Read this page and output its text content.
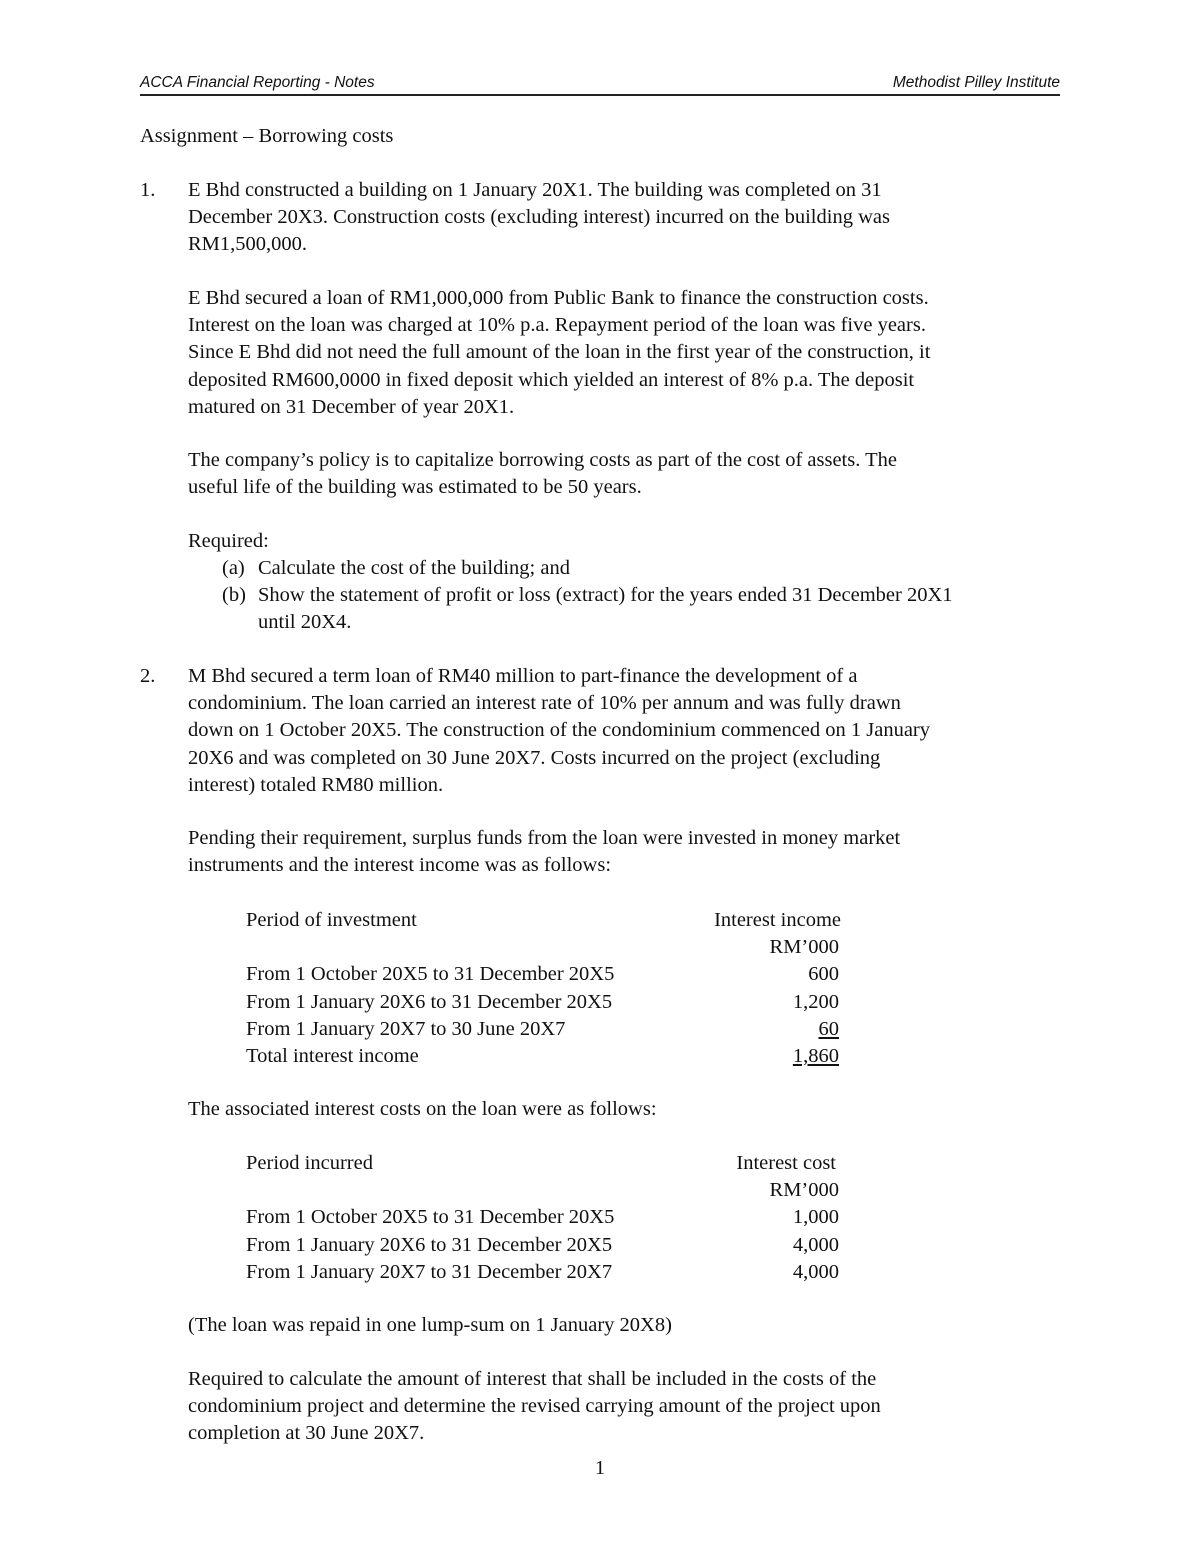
ACCA Financial Reporting - Notes	Methodist Pilley Institute
Assignment – Borrowing costs
1. E Bhd constructed a building on 1 January 20X1. The building was completed on 31
December 20X3. Construction costs (excluding interest) incurred on the building was
RM1,500,000.
E Bhd secured a loan of RM1,000,000 from Public Bank to finance the construction costs.
Interest on the loan was charged at 10% p.a. Repayment period of the loan was five years.
Since E Bhd did not need the full amount of the loan in the first year of the construction, it
deposited RM600,0000 in fixed deposit which yielded an interest of 8% p.a. The deposit
matured on 31 December of year 20X1.
The company’s policy is to capitalize borrowing costs as part of the cost of assets. The
useful life of the building was estimated to be 50 years.
Required:
(a) Calculate the cost of the building; and
(b) Show the statement of profit or loss (extract) for the years ended 31 December 20X1
until 20X4.
2. M Bhd secured a term loan of RM40 million to part-finance the development of a
condominium. The loan carried an interest rate of 10% per annum and was fully drawn
down on 1 October 20X5. The construction of the condominium commenced on 1 January
20X6 and was completed on 30 June 20X7. Costs incurred on the project (excluding
interest) totaled RM80 million.
Pending their requirement, surplus funds from the loan were invested in money market
instruments and the interest income was as follows:
Period of investment	Interest income
RM’000
From 1 October 20X5 to 31 December 20X5	600
From 1 January 20X6 to 31 December 20X5	1,200
From 1 January 20X7 to 30 June 20X7	60
Total interest income	1,860
The associated interest costs on the loan were as follows:
Period incurred	Interest cost
RM’000
From 1 October 20X5 to 31 December 20X5	1,000
From 1 January 20X6 to 31 December 20X5	4,000
From 1 January 20X7 to 31 December 20X7	4,000
(The loan was repaid in one lump-sum on 1 January 20X8)
Required to calculate the amount of interest that shall be included in the costs of the
condominium project and determine the revised carrying amount of the project upon
completion at 30 June 20X7.
1
